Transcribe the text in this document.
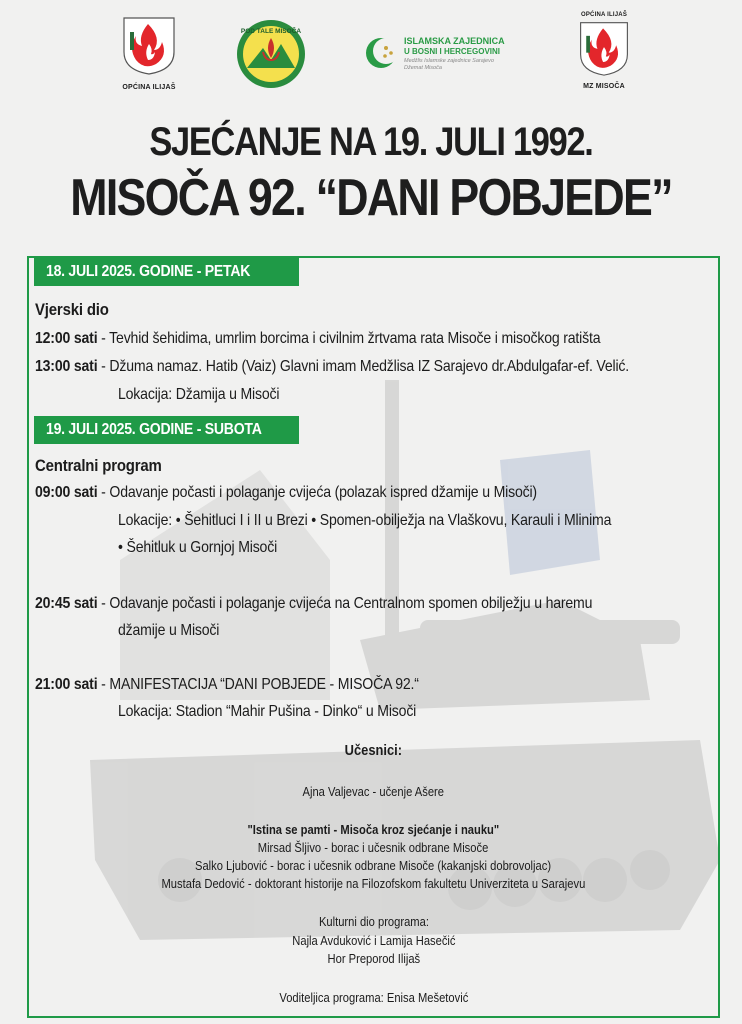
OPĆINA ILIJAŠ
POD TALE MISOČA
ISLAMSKA ZAJEDNICA
U BOSNI I HERCEGOVINI
Medžlis Islamske zajednice Sarajevo
Džemat Misoča
OPĆINA ILIJAŠ
MZ MISOČA
SJEĆANJE NA 19. JULI 1992.
MISOČA 92. “DANI POBJEDE”
18. JULI 2025. GODINE - PETAK
Vjerski dio
12:00 sati - Tevhid šehidima, umrlim borcima i civilnim žrtvama rata Misoče i misočkog ratišta
13:00 sati - Džuma namaz. Hatib (Vaiz) Glavni imam Medžlisa IZ Sarajevo dr.Abdulgafar-ef. Velić.
Lokacija: Džamija u Misoči
19. JULI 2025. GODINE - SUBOTA
Centralni program
09:00 sati - Odavanje počasti i polaganje cvijeća (polazak ispred džamije u Misoči)
Lokacije: • Šehitluci I i II u Brezi • Spomen-obilježja na Vlaškovu, Karauli i Mlinima
• Šehitluk u Gornjoj Misoči
20:45 sati - Odavanje počasti i polaganje cvijeća na Centralnom spomen obilježju u haremu
džamije u Misoči
21:00 sati - MANIFESTACIJA “DANI POBJEDE - MISOČA 92.“
Lokacija: Stadion “Mahir Pušina - Dinko“ u Misoči
Učesnici:
Ajna Valjevac - učenje Ašere
"Istina se pamti - Misoča kroz sjećanje i nauku"
Mirsad Šljivo - borac i učesnik odbrane Misoče
Salko Ljubović - borac i učesnik odbrane Misoče (kakanjski dobrovoljac)
Mustafa Dedović - doktorant historije na Filozofskom fakultetu Univerziteta u Sarajevu
Kulturni dio programa:
Najla Avduković i Lamija Hasečić
Hor Preporod Ilijaš
Voditeljica programa: Enisa Mešetović
